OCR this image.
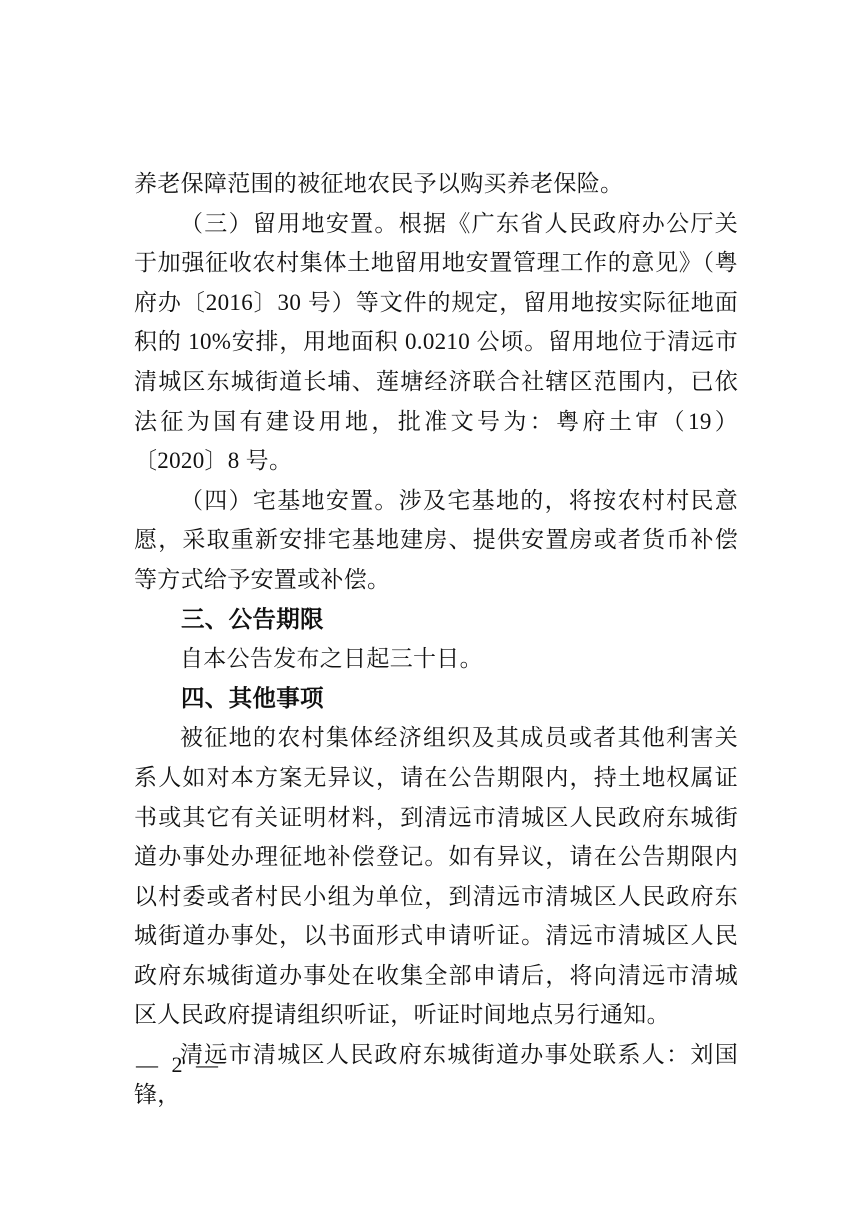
养老保障范围的被征地农民予以购买养老保险。

（三）留用地安置。根据《广东省人民政府办公厅关于加强征收农村集体土地留用地安置管理工作的意见》（粤府办〔2016〕30 号）等文件的规定，留用地按实际征地面积的 10%安排，用地面积 0.0210 公顷。留用地位于清远市清城区东城街道长埔、莲塘经济联合社辖区范围内，已依法征为国有建设用地，批准文号为：粤府土审（19）〔2020〕8 号。

（四）宅基地安置。涉及宅基地的，将按农村村民意愿，采取重新安排宅基地建房、提供安置房或者货币补偿等方式给予安置或补偿。

三、公告期限

自本公告发布之日起三十日。

四、其他事项

被征地的农村集体经济组织及其成员或者其他利害关系人如对本方案无异议，请在公告期限内，持土地权属证书或其它有关证明材料，到清远市清城区人民政府东城街道办事处办理征地补偿登记。如有异议，请在公告期限内以村委或者村民小组为单位，到清远市清城区人民政府东城街道办事处，以书面形式申请听证。清远市清城区人民政府东城街道办事处在收集全部申请后，将向清远市清城区人民政府提请组织听证，听证时间地点另行通知。

清远市清城区人民政府东城街道办事处联系人：刘国锋，

— 2 —
